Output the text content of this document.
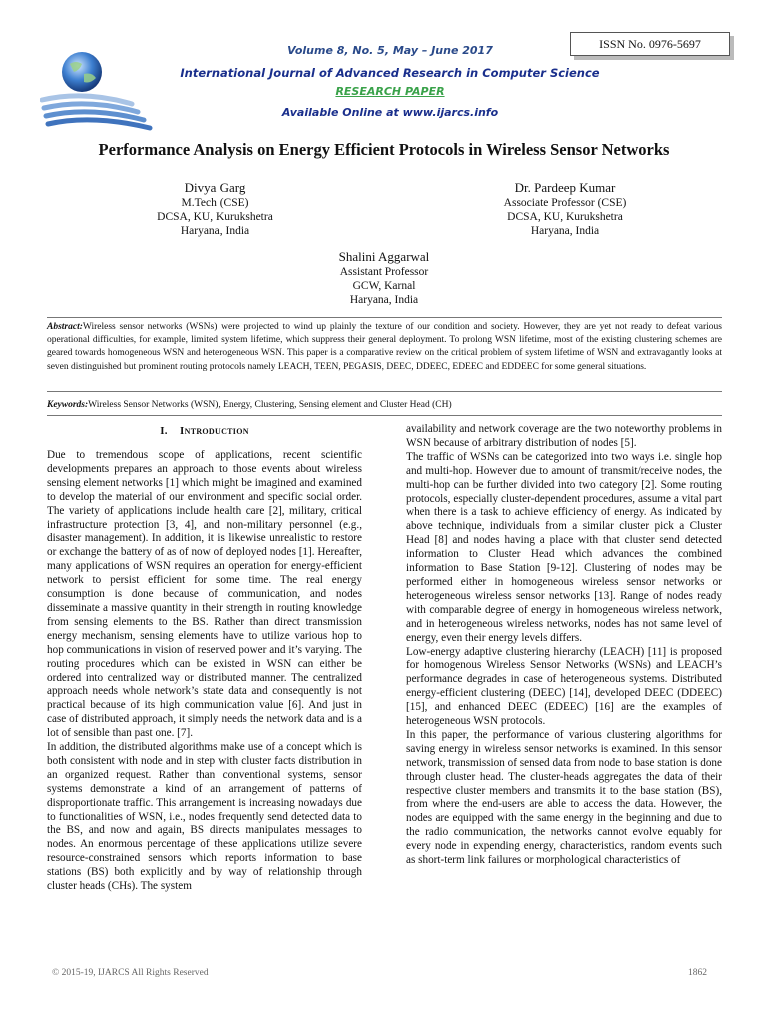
ISSN No. 0976-5697
Volume 8, No. 5, May – June 2017
International Journal of Advanced Research in Computer Science
RESEARCH PAPER
Available Online at www.ijarcs.info
Performance Analysis on Energy Efficient Protocols in Wireless Sensor Networks
Divya Garg
M.Tech (CSE)
DCSA, KU, Kurukshetra
Haryana, India
Dr. Pardeep Kumar
Associate Professor (CSE)
DCSA, KU, Kurukshetra
Haryana, India
Shalini Aggarwal
Assistant Professor
GCW, Karnal
Haryana, India
Abstract:Wireless sensor networks (WSNs) were projected to wind up plainly the texture of our condition and society. However, they are yet not ready to defeat various operational difficulties, for example, limited system lifetime, which suppress their general deployment. To prolong WSN lifetime, most of the existing clustering schemes are geared towards homogeneous WSN and heterogeneous WSN. This paper is a comparative review on the critical problem of system lifetime of WSN and extravagantly looks at seven distinguished but prominent routing protocols namely LEACH, TEEN, PEGASIS, DEEC, DDEEC, EDEEC and EDDEEC for some general situations.
Keywords:Wireless Sensor Networks (WSN), Energy, Clustering, Sensing element and Cluster Head (CH)
I. Introduction

Due to tremendous scope of applications, recent scientific developments prepares an approach to those events about wireless sensing element networks [1] which might be imagined and examined to develop the material of our environment and specific social order. The variety of applications include health care [2], military, critical infrastructure protection [3, 4], and non-military personnel (e.g., disaster management). In addition, it is likewise unrealistic to restore or exchange the battery of as of now of deployed nodes [1]. Hereafter, many applications of WSN requires an operation for energy-efficient network to persist efficient for some time. The real energy consumption is done because of communication, and nodes disseminate a massive quantity in their strength in routing knowledge from sensing elements to the BS. Rather than direct transmission energy mechanism, sensing elements have to utilize various hop to hop communications in vision of reserved power and it’s varying. The routing procedures which can be existed in WSN can either be ordered into centralized way or distributed manner. The centralized approach needs whole network’s state data and consequently is not practical because of its high communication value [6]. And just in case of distributed approach, it simply needs the network data and is a lot of sensible than past one. [7].

In addition, the distributed algorithms make use of a concept which is both consistent with node and in step with cluster facts distribution in an organized request. Rather than conventional systems, sensor systems demonstrate a kind of an arrangement of patterns of disproportionate traffic. This arrangement is increasing nowadays due to functionalities of WSN, i.e., nodes frequently send detected data to the BS, and now and again, BS directs manipulates messages to nodes. An enormous percentage of these applications utilize severe resource-constrained sensors which reports information to base stations (BS) both explicitly and by way of relationship through cluster heads (CHs). The system

availability and network coverage are the two noteworthy problems in WSN because of arbitrary distribution of nodes [5].

The traffic of WSNs can be categorized into two ways i.e. single hop and multi-hop. However due to amount of transmit/receive nodes, the multi-hop can be further divided into two category [2]. Some routing protocols, especially cluster-dependent procedures, assume a vital part when there is a task to achieve efficiency of energy. As indicated by above technique, individuals from a similar cluster pick a Cluster Head [8] and nodes having a place with that cluster send detected information to Cluster Head which advances the combined information to Base Station [9-12]. Clustering of nodes may be performed either in homogeneous wireless sensor networks or heterogeneous wireless sensor networks [13]. Range of nodes ready with comparable degree of energy in homogeneous wireless network, and in heterogeneous wireless networks, nodes has not same level of energy, even their energy levels differs.

Low-energy adaptive clustering hierarchy (LEACH) [11] is proposed for homogenous Wireless Sensor Networks (WSNs) and LEACH’s performance degrades in case of heterogeneous systems. Distributed energy-efficient clustering (DEEC) [14], developed DEEC (DDEEC) [15], and enhanced DEEC (EDEEC) [16] are the examples of heterogeneous WSN protocols.

In this paper, the performance of various clustering algorithms for saving energy in wireless sensor networks is examined. In this sensor network, transmission of sensed data from node to base station is done through cluster head. The cluster-heads aggregates the data of their respective cluster members and transmits it to the base station (BS), from where the end-users are able to access the data. However, the nodes are equipped with the same energy in the beginning and due to the radio communication, the networks cannot evolve equably for every node in expending energy, characteristics, random events such as short-term link failures or morphological characteristics of

© 2015-19, IJARCS All Rights Reserved	1862
